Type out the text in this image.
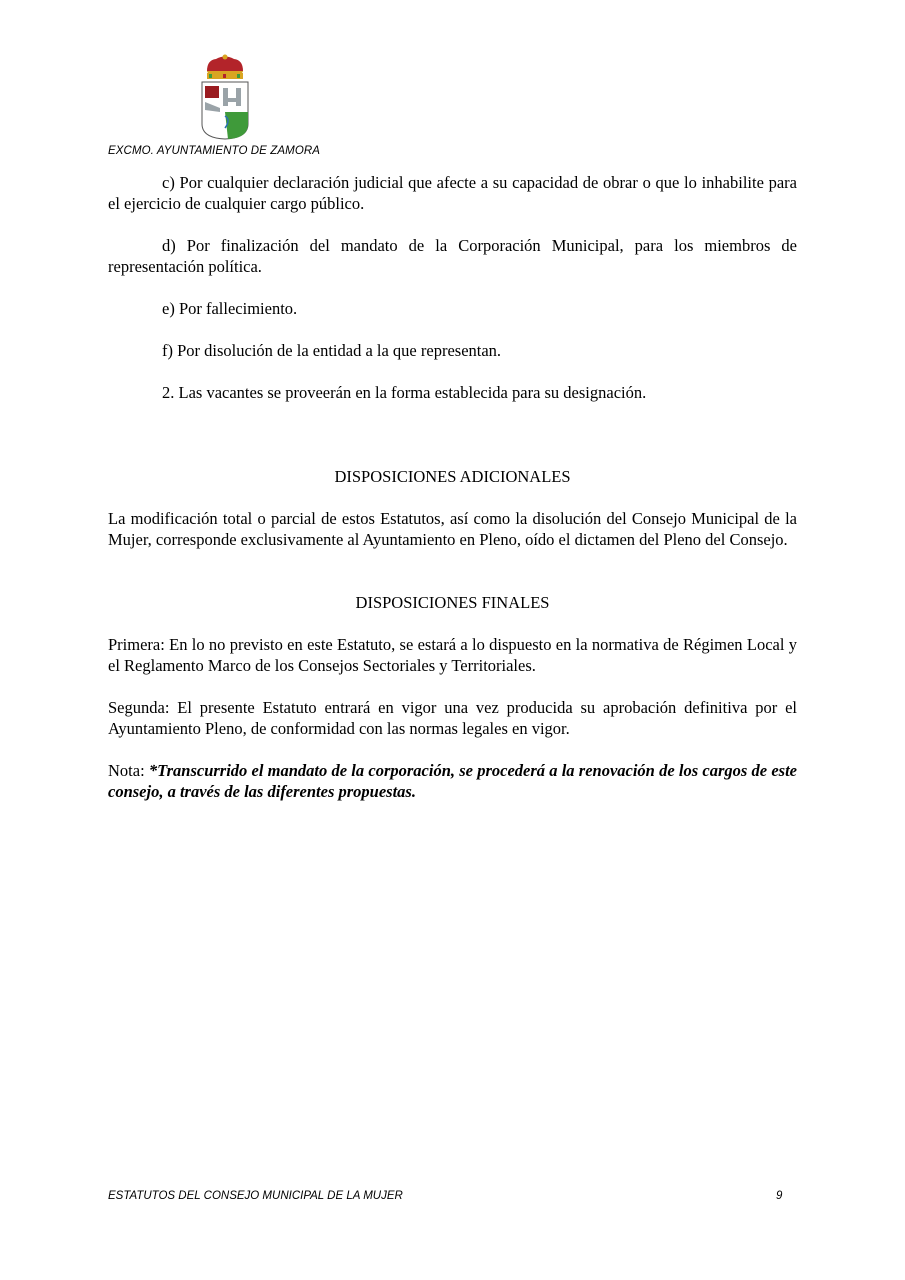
EXCMO. AYUNTAMIENTO DE ZAMORA

c) Por cualquier declaración judicial que afecte a su capacidad de obrar o que lo inhabilite para el ejercicio de cualquier cargo público.

d) Por finalización del mandato de la Corporación Municipal, para los miembros de representación política.

e) Por fallecimiento.

f) Por disolución de la entidad a la que representan.

2. Las vacantes se proveerán en la forma establecida para su designación.

DISPOSICIONES ADICIONALES

La modificación total o parcial de estos Estatutos, así como la disolución del Consejo Municipal de la Mujer, corresponde exclusivamente al Ayuntamiento en Pleno, oído el dictamen del Pleno del Consejo.

DISPOSICIONES FINALES

Primera: En lo no previsto en este Estatuto, se estará a lo dispuesto en la normativa de Régimen Local y el Reglamento Marco de los Consejos Sectoriales y Territoriales.

Segunda: El presente Estatuto entrará en vigor una vez producida su aprobación definitiva por el Ayuntamiento Pleno, de conformidad con las normas legales en vigor.

Nota: *Transcurrido el mandato de la corporación, se procederá a la renovación de los cargos de este consejo, a través de las diferentes propuestas.

ESTATUTOS DEL CONSEJO MUNICIPAL DE LA MUJER	9
